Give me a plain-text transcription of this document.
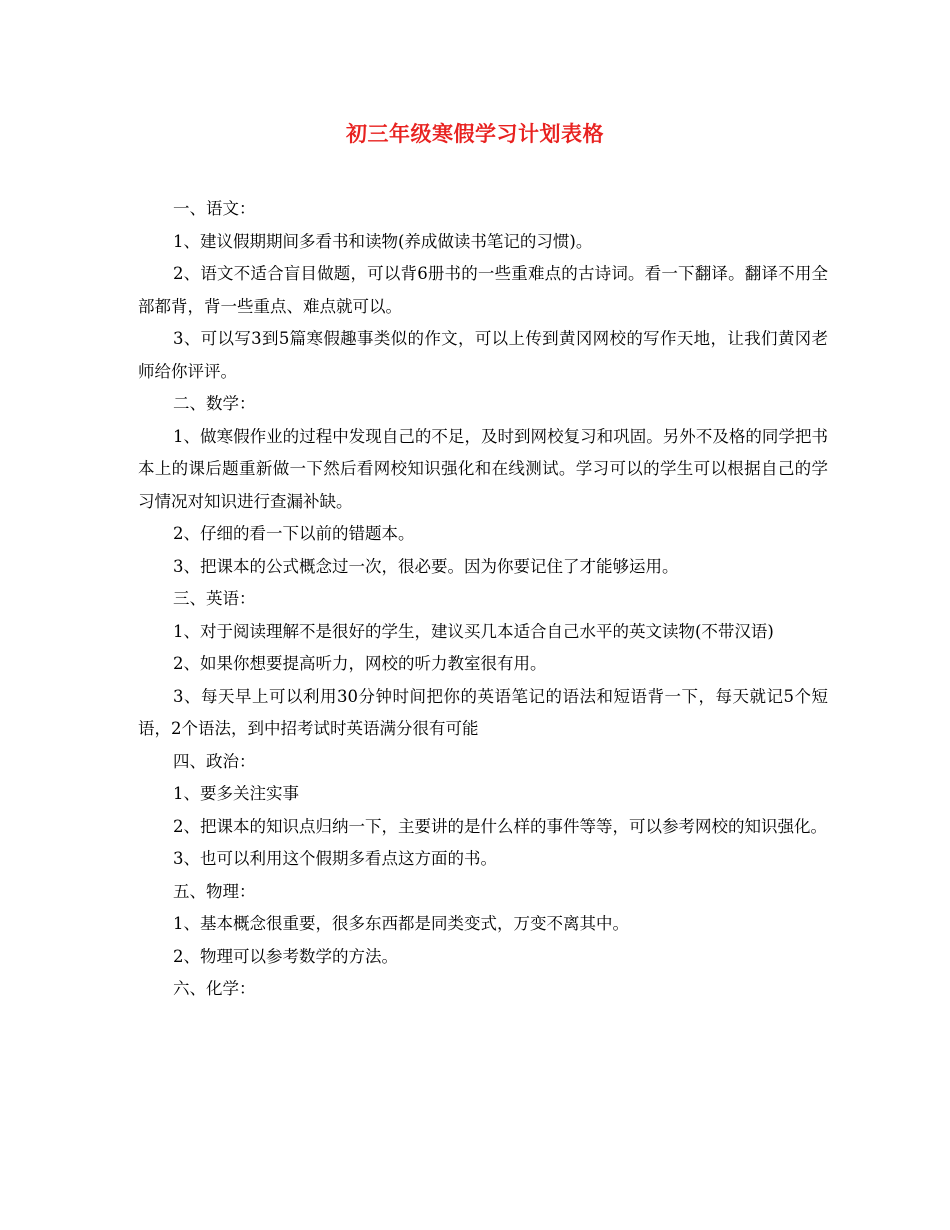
初三年级寒假学习计划表格

一、语文：

1、建议假期期间多看书和读物(养成做读书笔记的习惯)。

2、语文不适合盲目做题，可以背6册书的一些重难点的古诗词。看一下翻译。翻译不用全部都背，背一些重点、难点就可以。

3、可以写3到5篇寒假趣事类似的作文，可以上传到黄冈网校的写作天地，让我们黄冈老师给你评评。

二、数学：

1、做寒假作业的过程中发现自己的不足，及时到网校复习和巩固。另外不及格的同学把书本上的课后题重新做一下然后看网校知识强化和在线测试。学习可以的学生可以根据自己的学习情况对知识进行查漏补缺。

2、仔细的看一下以前的错题本。

3、把课本的公式概念过一次，很必要。因为你要记住了才能够运用。

三、英语：

1、对于阅读理解不是很好的学生，建议买几本适合自己水平的英文读物(不带汉语)

2、如果你想要提高听力，网校的听力教室很有用。

3、每天早上可以利用30分钟时间把你的英语笔记的语法和短语背一下，每天就记5个短语，2个语法，到中招考试时英语满分很有可能

四、政治：

1、要多关注实事

2、把课本的知识点归纳一下，主要讲的是什么样的事件等等，可以参考网校的知识强化。

3、也可以利用这个假期多看点这方面的书。

五、物理：

1、基本概念很重要，很多东西都是同类变式，万变不离其中。

2、物理可以参考数学的方法。

六、化学：
